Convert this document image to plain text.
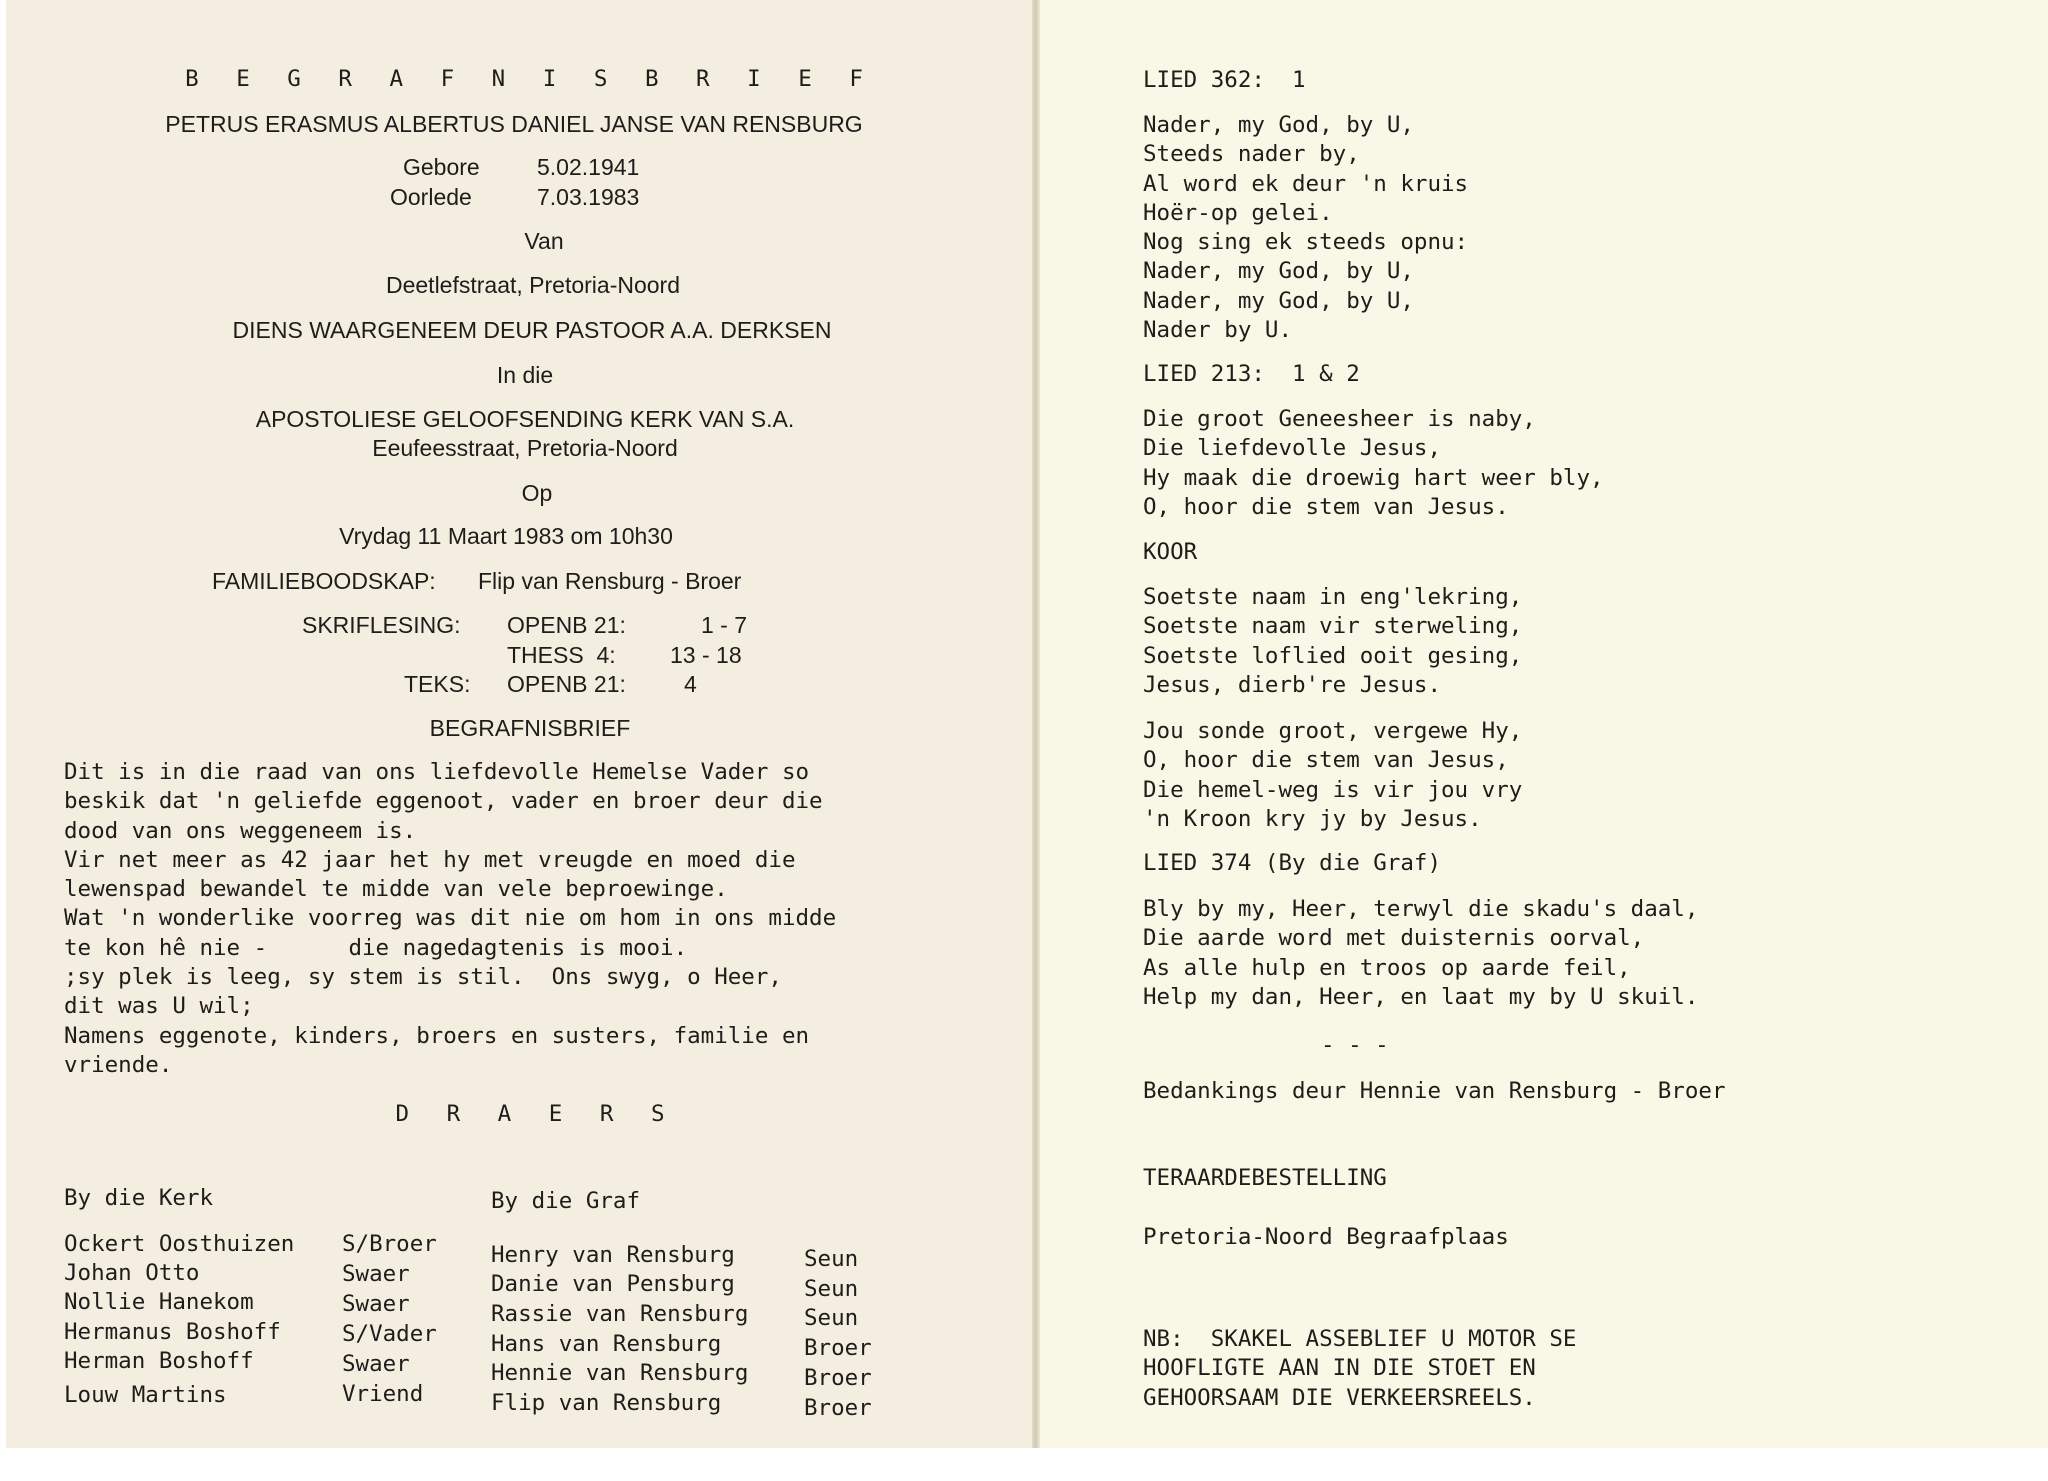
B E G R A F N I S B R I E F
PETRUS ERASMUS ALBERTUS DANIEL JANSE VAN RENSBURG
Gebore 5.02.1941
Oorlede	7.03.1983
Van
Deetlefstraat, Pretoria-Noord
DIENS WAARGENEEM DEUR PASTOOR A.A. DERKSEN
In die
APOSTOLIESE GELOOFSENDING KERK VAN S.A.
Eeufeesstraat, Pretoria-Noord
Op
Vrydag 11 Maart 1983 om 10h30
FAMILIEBOODSKAP: Flip van Rensburg - Broer
SKRIFLESING: OPENB 21:	1 - 7
THESS  4: 13 - 18
TEKS: OPENB 21:	4
BEGRAFNISBRIEF
Dit is in die raad van ons liefdevolle Hemelse Vader so
beskik dat 'n geliefde eggenoot, vader en broer deur die
dood van ons weggeneem is.
Vir net meer as 42 jaar het hy met vreugde en moed die
lewenspad bewandel te midde van vele beproewinge.
Wat 'n wonderlike voorreg was dit nie om hom in ons midde
te kon hê nie -      die nagedagtenis is mooi.
;sy plek is leeg, sy stem is stil.  Ons swyg, o Heer,
dit was U wil;
Namens eggenote, kinders, broers en susters, familie en
vriende.
D R A E R S
By die Kerk	By die Graf
Ockert Oosthuizen S/Broer
Johan Otto	Swaer
Nollie Hanekom	Swaer
Hermanus Boshoff	S/Vader
Herman Boshoff	Swaer
Louw Martins	Vriend
Henry van Rensburg	Seun
Danie van Pensburg	Seun
Rassie van Rensburg Seun
Hans van Rensburg	Broer
Hennie van Rensburg Broer
Flip van Rensburg	Broer
LIED 362:  1
Nader, my God, by U,
Steeds nader by,
Al word ek deur 'n kruis
Hoër-op gelei.
Nog sing ek steeds opnu:
Nader, my God, by U,
Nader, my God, by U,
Nader by U.
LIED 213:  1 & 2
Die groot Geneesheer is naby,
Die liefdevolle Jesus,
Hy maak die droewig hart weer bly,
O, hoor die stem van Jesus.
KOOR
Soetste naam in eng'lekring,
Soetste naam vir sterweling,
Soetste loflied ooit gesing,
Jesus, dierb're Jesus.
Jou sonde groot, vergewe Hy,
O, hoor die stem van Jesus,
Die hemel-weg is vir jou vry
'n Kroon kry jy by Jesus.
LIED 374 (By die Graf)
Bly by my, Heer, terwyl die skadu's daal,
Die aarde word met duisternis oorval,
As alle hulp en troos op aarde feil,
Help my dan, Heer, en laat my by U skuil.
- - -
Bedankings deur Hennie van Rensburg - Broer
TERAARDEBESTELLING
Pretoria-Noord Begraafplaas
NB:  SKAKEL ASSEBLIEF U MOTOR SE
HOOFLIGTE AAN IN DIE STOET EN
GEHOORSAAM DIE VERKEERSREELS.
